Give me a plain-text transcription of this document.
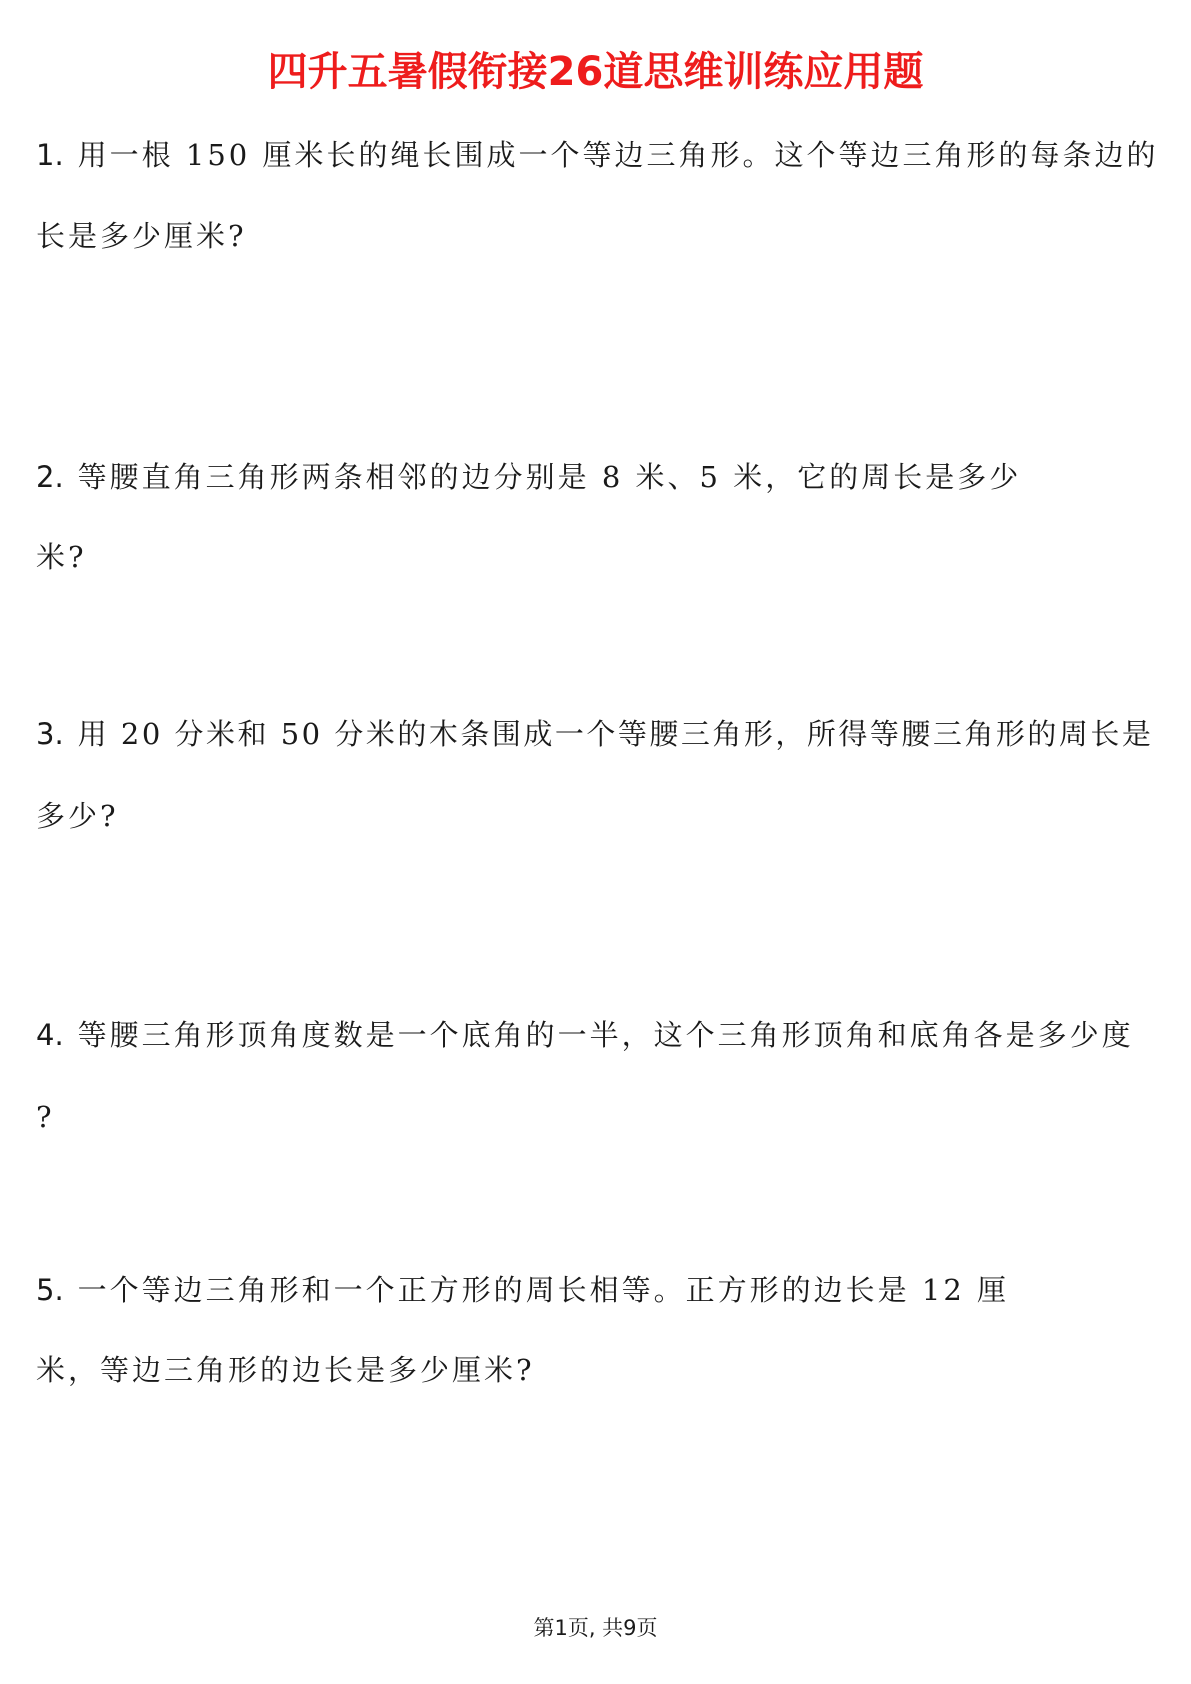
四升五暑假衔接26道思维训练应用题
1. 用一根 150 厘米长的绳长围成一个等边三角形。这个等边三角形的每条边的
长是多少厘米?
2. 等腰直角三角形两条相邻的边分别是 8 米、5 米，它的周长是多少
米?
3. 用 20 分米和 50 分米的木条围成一个等腰三角形，所得等腰三角形的周长是
多少?
4. 等腰三角形顶角度数是一个底角的一半，这个三角形顶角和底角各是多少度
?
5. 一个等边三角形和一个正方形的周长相等。正方形的边长是 12 厘
米，等边三角形的边长是多少厘米?
第1页, 共9页
